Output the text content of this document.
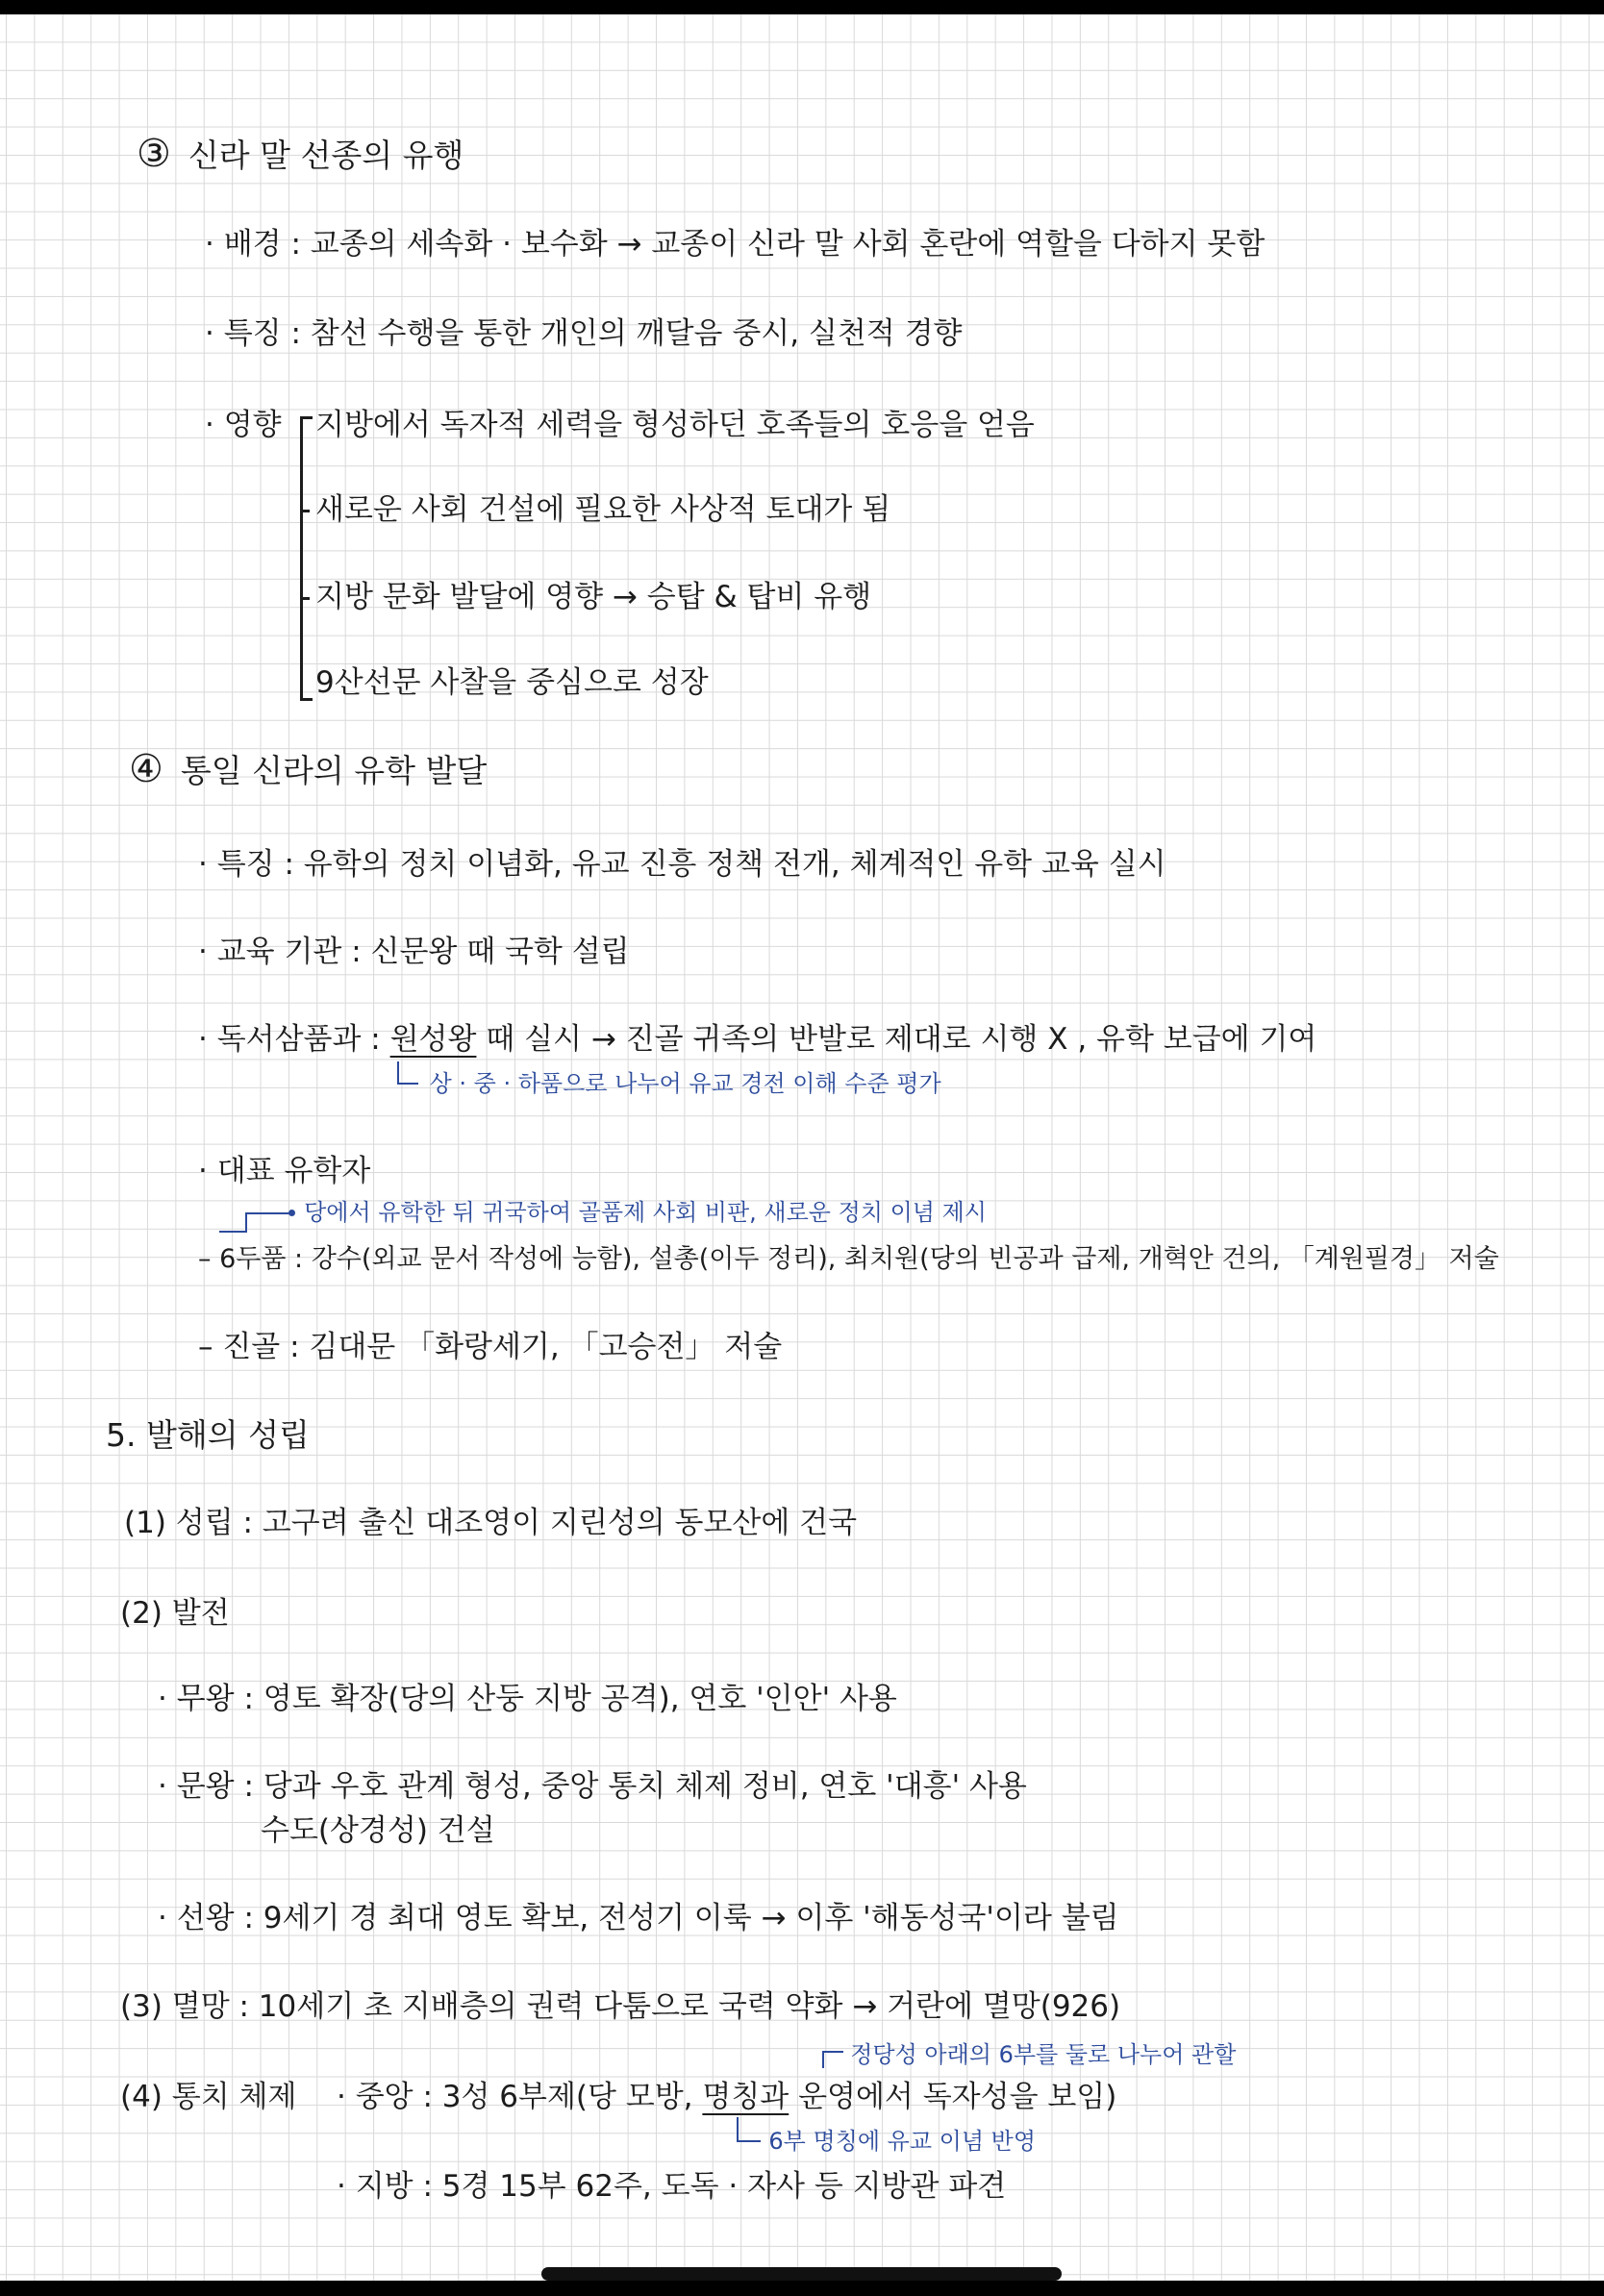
③ 신라 말 선종의 유행
· 배경 : 교종의 세속화 · 보수화 → 교종이 신라 말 사회 혼란에 역할을 다하지 못함
· 특징 : 참선 수행을 통한 개인의 깨달음 중시, 실천적 경향
· 영향 지방에서 독자적 세력을 형성하던 호족들의 호응을 얻음
새로운 사회 건설에 필요한 사상적 토대가 됨
지방 문화 발달에 영향 → 승탑 & 탑비 유행
9산선문 사찰을 중심으로 성장
④ 통일 신라의 유학 발달
· 특징 : 유학의 정치 이념화, 유교 진흥 정책 전개, 체계적인 유학 교육 실시
· 교육 기관 : 신문왕 때 국학 설립
· 독서삼품과 : 원성왕
상 · 중 · 하품으로 나누어 유교 경전 이해 수준 평가
때 실시 → 진골 귀족의 반발로 제대로 시행 X , 유학 보급에 기여
· 대표 유학자
– 6두품
당에서 유학한 뒤 귀국하여 골품제 사회 비판, 새로운 정치 이념 제시
: 강수(외교 문서 작성에 능함), 설총(이두 정리), 최치원(당의 빈공과 급제, 개혁안 건의, 「계원필경」 저술
– 진골 : 김대문 「화랑세기, 「고승전」 저술
5. 발해의 성립
(1) 성립 : 고구려 출신 대조영이 지린성의 동모산에 건국
(2) 발전
· 무왕 : 영토 확장(당의 산둥 지방 공격), 연호 '인안' 사용
· 문왕 : 당과 우호 관계 형성, 중앙 통치 체제 정비, 연호 '대흥' 사용
수도(상경성) 건설
· 선왕 : 9세기 경 최대 영토 확보, 전성기 이룩 → 이후 '해동성국'이라 불림
(3) 멸망 : 10세기 초 지배층의 권력 다툼으로 국력 약화 → 거란에 멸망(926)
(4) 통치 체제 · 중앙 : 3성 6부제(당 모방, 명칭과
6부 명칭에 유교 이념 반영
정당성 아래의 6부를 둘로 나누어 관할
운영에서 독자성을 보임)
· 지방 : 5경 15부 62주, 도독 · 자사 등 지방관 파견
